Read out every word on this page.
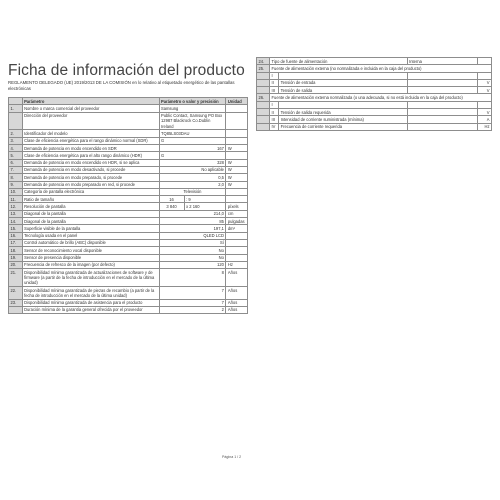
Ficha de información del producto
REGLAMENTO DELEGADO (UE) 2019/2013 DE LA COMISIÓN en lo relativo al etiquetado energético de las pantallas electrónicas
	Parámetro	Parámetro o valor y precisión		Unidad
1.	Nombre o marca comercial del proveedor	Samsung		
	Dirección del proveedor	Public Contact, Samsung PO Box 12987 Blackrock Co.Dublin Ireland		
2.	Identificador del modelo	TQ85LS03DAU		
3.	Clase de eficiencia energética para el rango dinámico normal (SDR)	G		
4.	Demanda de potencia en modo encendido en SDR	167		W
5.	Clase de eficiencia energética para el alto rango dinámico (HDR)	G		
6.	Demanda de potencia en modo encendido en HDR, si se aplica	328		W
7.	Demanda de potencia en modo desactivado, si procede	No aplicable		W
8.	Demanda de potencia en modo preparado, si procede	0,5		W
9.	Demanda de potencia en modo preparado en red, si procede	2,0		W
10.	Categoría de pantalla electrónica	Televisión		
11.	Ratio de tamaño	16	: 9	
12.	Resolución de pantalla	3 840	x 2 160	píxels
13.	Diagonal de la pantalla	214,0		cm
14.	Diagonal de la pantalla	85		pulgadas
15.	Superficie visible de la pantalla	197,1		dm²
16.	Tecnología usada en el panel	QLED LCD		
17.	Control automático de brillo (ABC) disponible	Sí		
18.	Sensor de reconocimiento vocal disponible	No		
19.	Sensor de presencia disponible	No		
20.	Frecuencia de refresco de la imagen (por defecto)	120		Hz
21.	Disponibilidad mínima garantizada de actualizaciones de software y de firmware (a partir de la fecha de introducción en el mercado de la última unidad)	8		Años
22.	Disponibilidad mínima garantizada de piezas de recambio (a partir de la fecha de introducción en el mercado de la última unidad)	7		Años
23.	Disponibilidad mínima garantizada de asistencia para el producto	7		Años
	Duración mínima de la garantía general ofrecida por el proveedor	2		Años
24.	Tipo de fuente de alimentación		Interna	
25.	Fuente de alimentación externa (no normalizada e incluida en la caja del producto)			
	I			
	II	Tensión de entrada		V
	III	Tensión de salida		V
26.	Fuente de alimentación externa normalizada (o una adecuada, si no está incluida en la caja del producto)			
	I			
	II	Tensión de salida requerida		V
	III	Intensidad de corriente suministrada (mínima)		A
	IV	Frecuencia de corriente requerida		Hz
Página 1 / 2
